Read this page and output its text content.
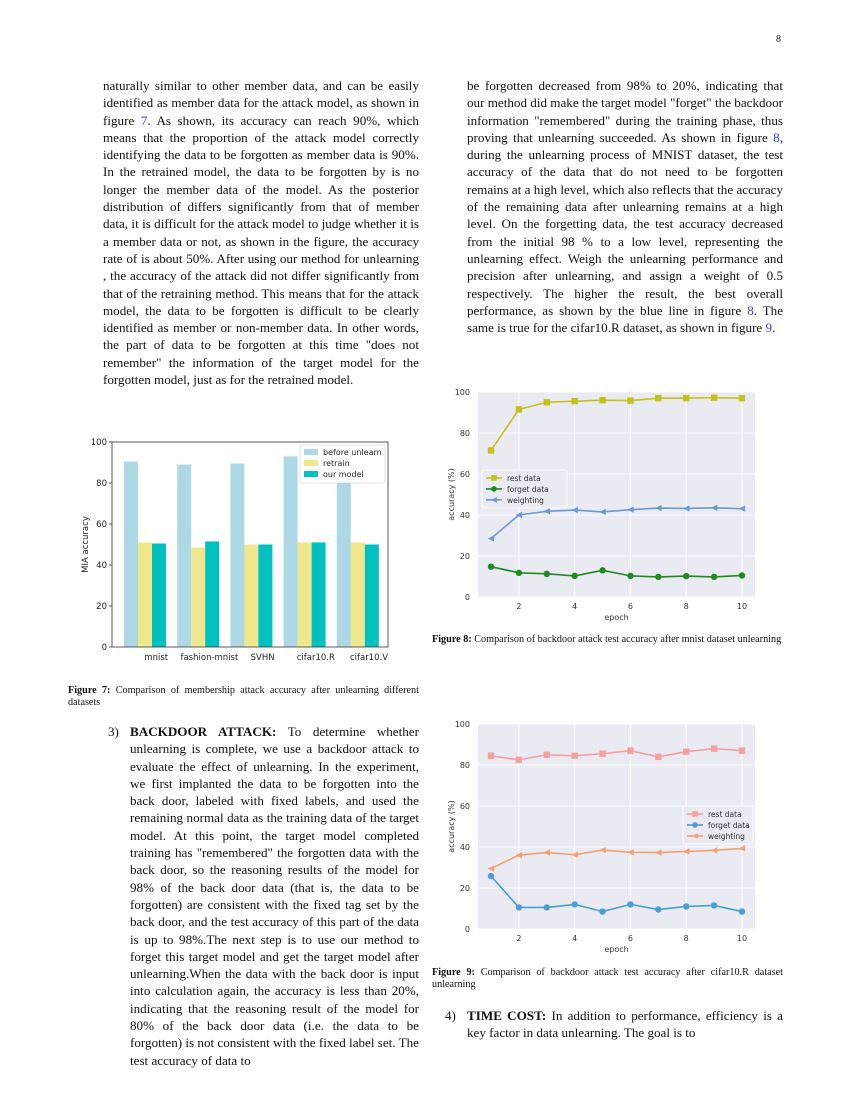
8

naturally similar to other member data, and can be easily identified as member data for the attack model, as shown in figure 7. As shown, its accuracy can reach 90%, which means that the proportion of the attack model correctly identifying the data to be forgotten as member data is 90%. In the retrained model, the data to be forgotten by is no longer the member data of the model. As the posterior distribution of differs significantly from that of member data, it is difficult for the attack model to judge whether it is a member data or not, as shown in the figure, the accuracy rate of is about 50%. After using our method for unlearning , the accuracy of the attack did not differ significantly from that of the retraining method. This means that for the attack model, the data to be forgotten is difficult to be clearly identified as member or non-member data. In other words, the part of data to be forgotten at this time "does not remember" the information of the target model for the forgotten model, just as for the retrained model.

mnist fashion-mnist SVHN	cifar10.R cifar10.V
0
20
40
60
80
100
MIA accuracy
before unlearn
retrain
our model
Figure 7: Comparison of membership attack accuracy after unlearning different datasets
3) BACKDOOR ATTACK: To determine whether unlearning is complete, we use a backdoor attack to evaluate the effect of unlearning. In the experiment, we first implanted the data to be forgotten into the back door, labeled with fixed labels, and used the remaining normal data as the training data of the target model. At this point, the target model completed training has "remembered" the forgotten data with the back door, so the reasoning results of the model for 98% of the back door data (that is, the data to be forgotten) are consistent with the fixed tag set by the back door, and the test accuracy of this part of the data is up to 98%.The next step is to use our method to forget this target model and get the target model after unlearning.When the data with the back door is input into calculation again, the accuracy is less than 20%, indicating that the reasoning result of the model for 80% of the back door data (i.e. the data to be forgotten) is not consistent with the fixed label set. The test accuracy of data to

be forgotten decreased from 98% to 20%, indicating that our method did make the target model "forget" the backdoor information "remembered" during the training phase, thus proving that unlearning succeeded. As shown in figure 8, during the unlearning process of MNIST dataset, the test accuracy of the data that do not need to be forgotten remains at a high level, which also reflects that the accuracy of the remaining data after unlearning remains at a high level. On the forgetting data, the test accuracy decreased from the initial 98 % to a low level, representing the unlearning effect. Weigh the unlearning performance and precision after unlearning, and assign a weight of 0.5 respectively. The higher the result, the best overall performance, as shown by the blue line in figure 8. The same is true for the cifar10.R dataset, as shown in figure 9.

0
20
40
60
80
100
2	4	6	8	10
epoch
accuracy (%)	rest data
forget data
weighting
Figure 8: Comparison of backdoor attack test accuracy after mnist dataset unlearning
0
20
40
60
80
100
2	4	6	8	10
epoch
accuracy (%)	rest data
forget data
weighting
Figure 9: Comparison of backdoor attack test accuracy after cifar10.R dataset unlearning
4) TIME COST: In addition to performance, efficiency is a key factor in data unlearning. The goal is to
